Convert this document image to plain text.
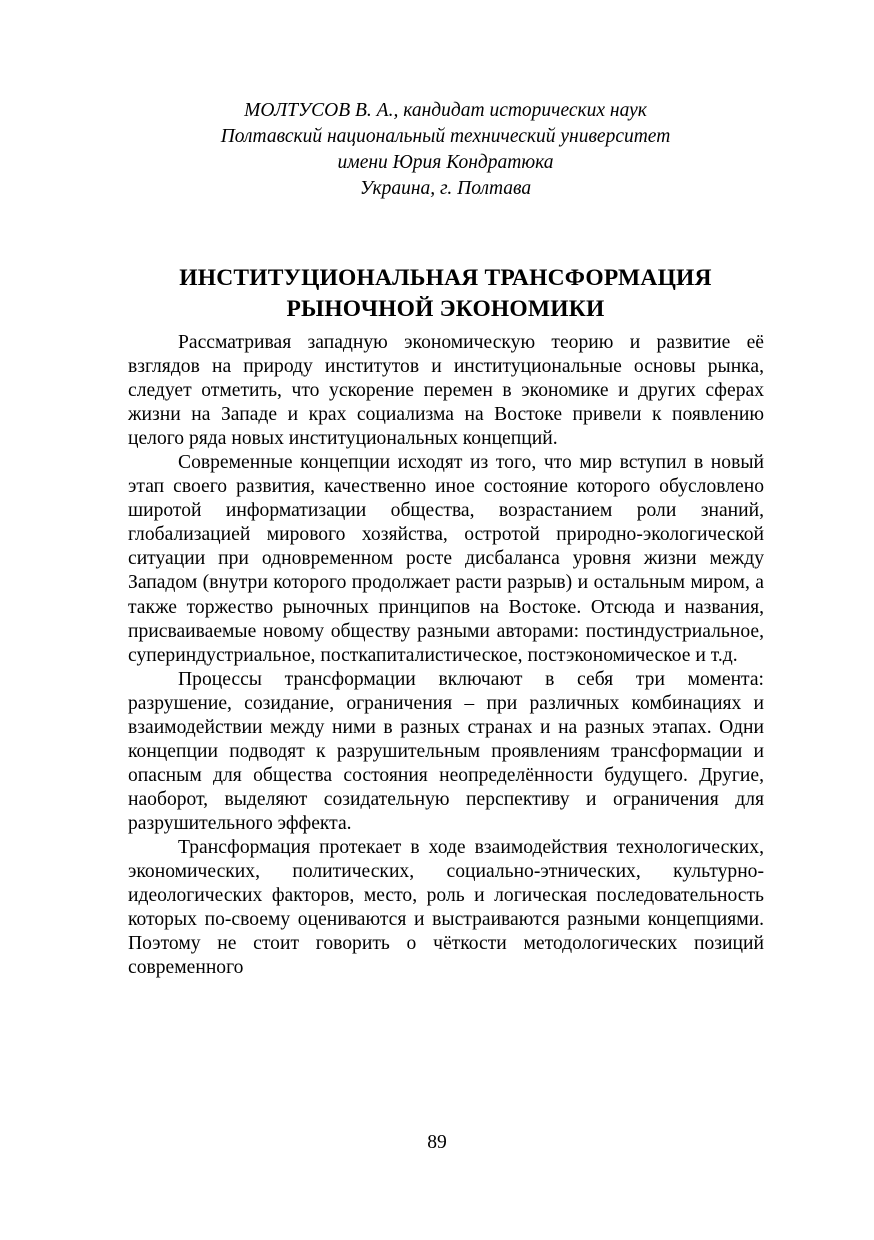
МОЛТУСОВ В. А., кандидат исторических наук
Полтавский национальный технический университет
имени Юрия Кондратюка
Украина, г. Полтава
ИНСТИТУЦИОНАЛЬНАЯ ТРАНСФОРМАЦИЯ
РЫНОЧНОЙ ЭКОНОМИКИ

Рассматривая западную экономическую теорию и развитие её взглядов на природу институтов и институциональные основы рынка, следует отметить, что ускорение перемен в экономике и других сферах жизни на Западе и крах социализма на Востоке привели к появлению целого ряда новых институциональных концепций.

Современные концепции исходят из того, что мир вступил в новый этап своего развития, качественно иное состояние которого обусловлено широтой информатизации общества, возрастанием роли знаний, глобализацией мирового хозяйства, остротой природно-экологической ситуации при одновременном росте дисбаланса уровня жизни между Западом (внутри которого продолжает расти разрыв) и остальным миром, а также торжество рыночных принципов на Востоке. Отсюда и названия, присваиваемые новому обществу разными авторами: постиндустриальное, супериндустриальное, посткапиталистическое, постэкономическое и т.д.

Процессы трансформации включают в себя три момента: разрушение, созидание, ограничения – при различных комбинациях и взаимодействии между ними в разных странах и на разных этапах. Одни концепции подводят к разрушительным проявлениям трансформации и опасным для общества состояния неопределённости будущего. Другие, наоборот, выделяют созидательную перспективу и ограничения для разрушительного эффекта.

Трансформация протекает в ходе взаимодействия технологических, экономических, политических, социально-этнических, культурно-идеологических факторов, место, роль и логическая последовательность которых по-своему оцениваются и выстраиваются разными концепциями. Поэтому не стоит говорить о чёткости методологических позиций современного

89
